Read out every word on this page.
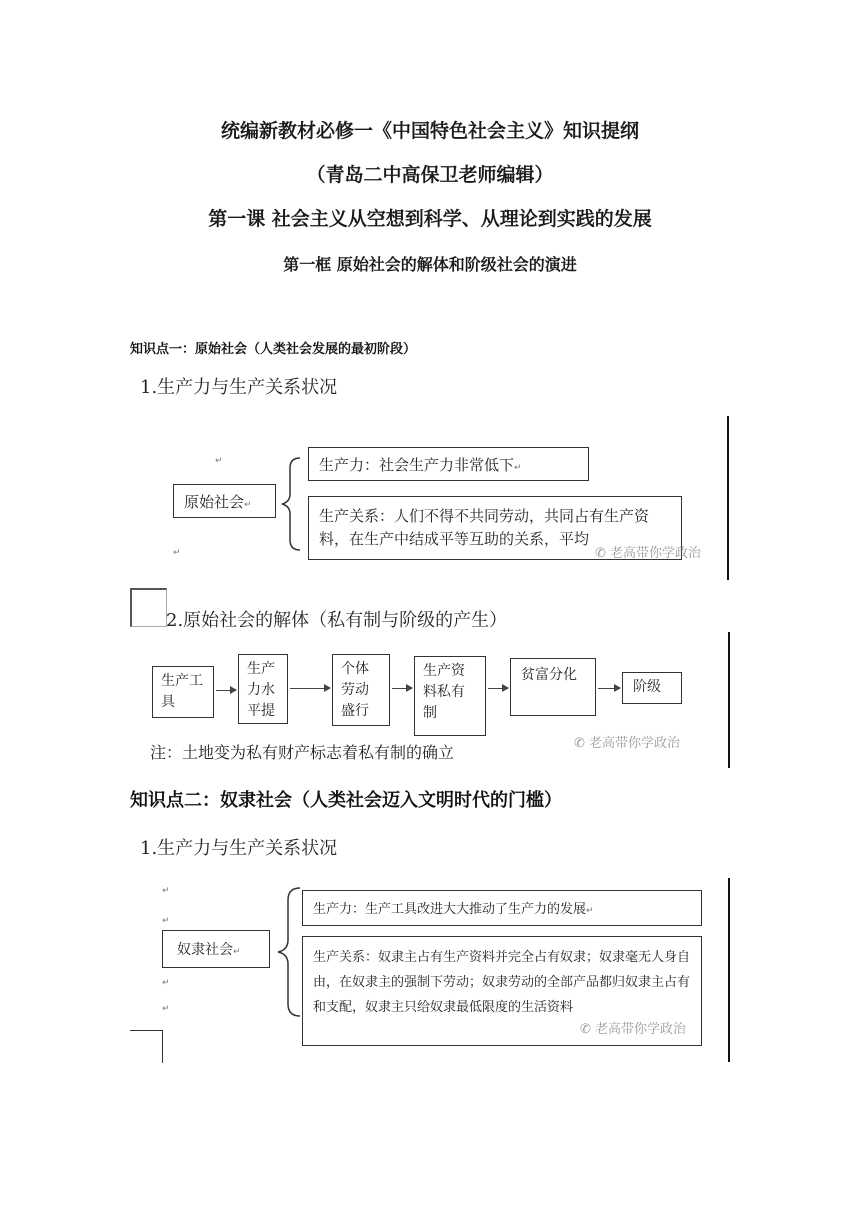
统编新教材必修一《中国特色社会主义》知识提纲
（青岛二中高保卫老师编辑）
第一课 社会主义从空想到科学、从理论到实践的发展
第一框 原始社会的解体和阶级社会的演进
知识点一：原始社会（人类社会发展的最初阶段）
1.生产力与生产关系状况
↵
↵
原始社会↵
生产力：社会生产力非常低下↵
生产关系：人们不得不共同劳动，共同占有生产资料，在生产中结成平等互助的关系，平均
✆ 老高带你学政治
2.原始社会的解体（私有制与阶级的产生）
生产工具
生产力水平提
个体劳动盛行
生产资料私有制
贫富分化
阶级
注：土地变为私有财产标志着私有制的确立	✆ 老高带你学政治
知识点二：奴隶社会（人类社会迈入文明时代的门槛）
1.生产力与生产关系状况
↵
↵
↵
↵
奴隶社会↵
生产力：生产工具改进大大推动了生产力的发展↵
生产关系：奴隶主占有生产资料并完全占有奴隶；奴隶毫无人身自由，在奴隶主的强制下劳动；奴隶劳动的全部产品都归奴隶主占有和支配，奴隶主只给奴隶最低限度的生活资料
✆ 老高带你学政治
